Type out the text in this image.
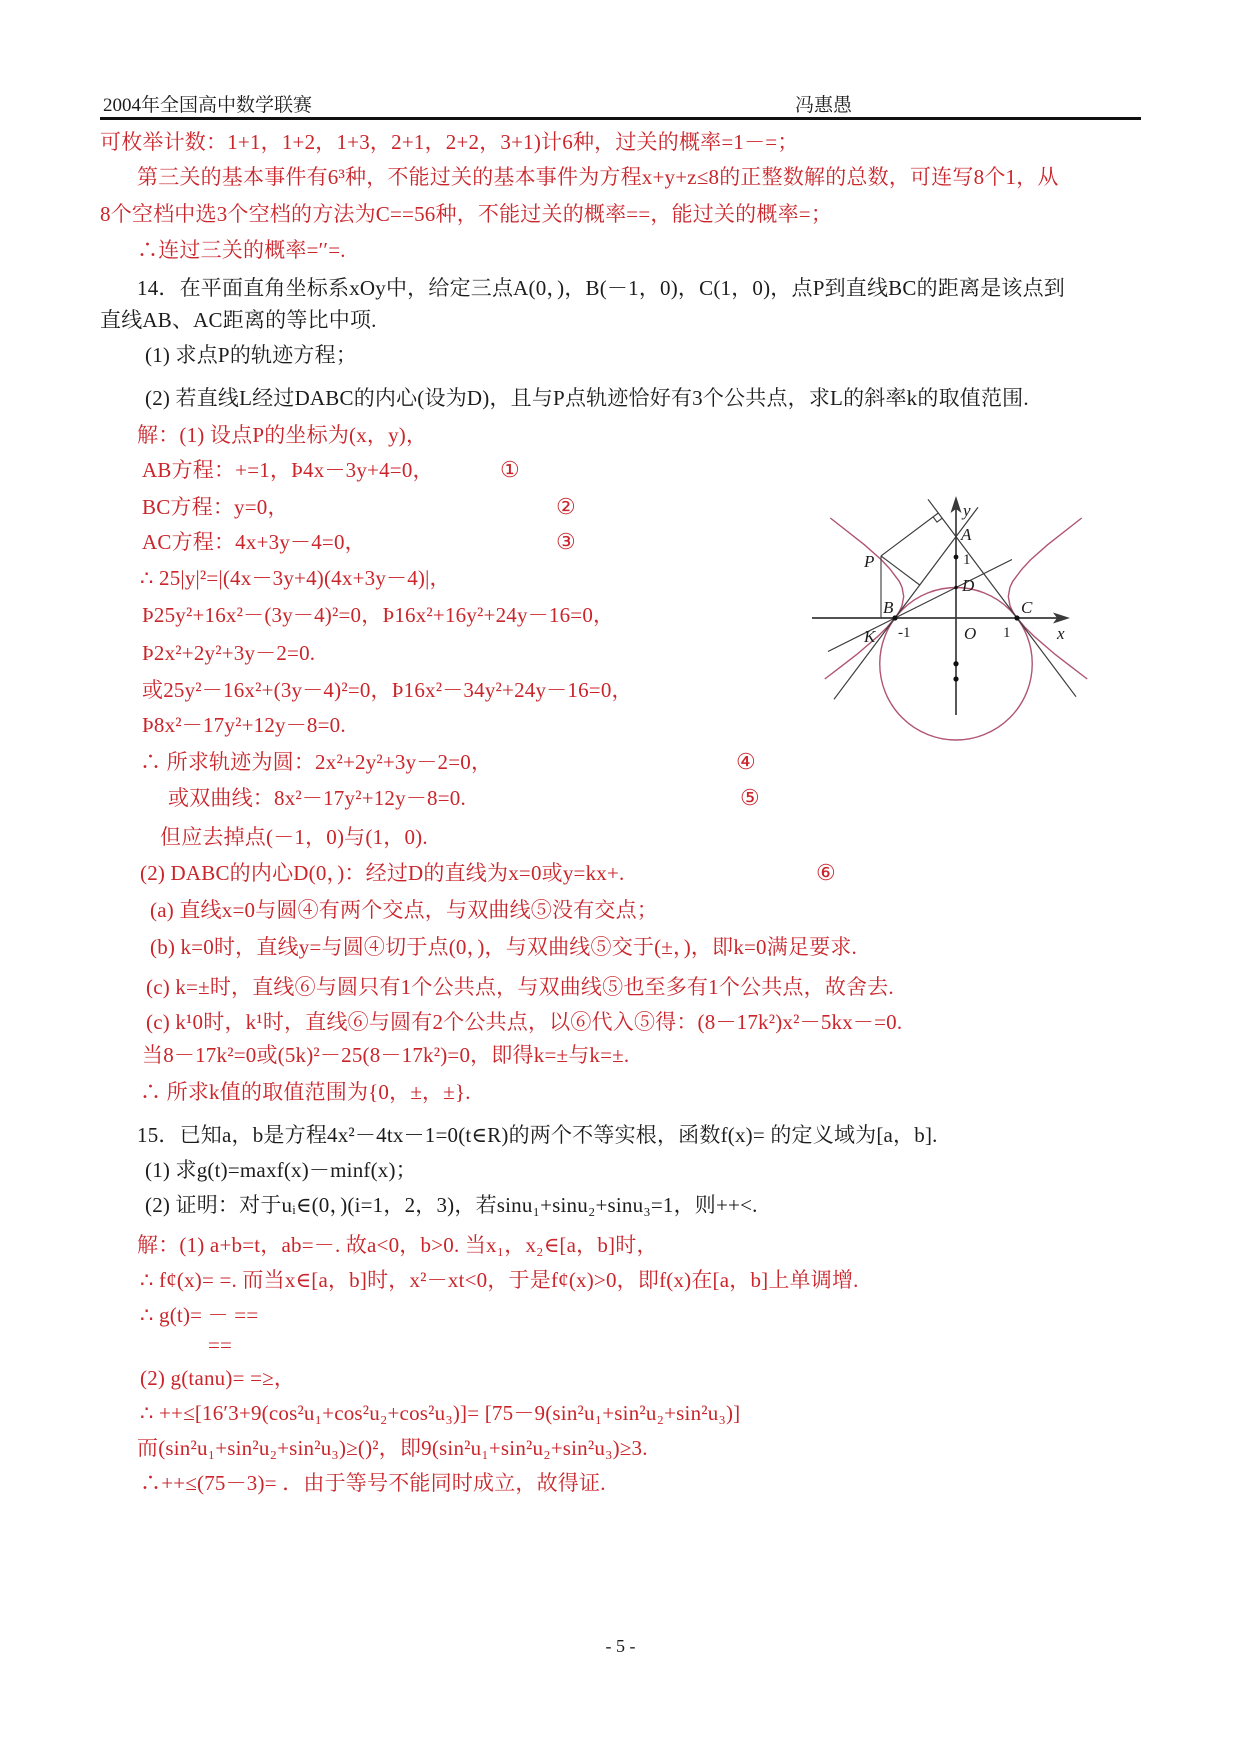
2004年全国高中数学联赛	冯惠愚
可枚举计数：1+1，1+2，1+3，2+1，2+2，3+1)计6种，过关的概率=1－=；
第三关的基本事件有6³种，不能过关的基本事件为方程x+y+z≤8的正整数解的总数，可连写8个1，从
8个空档中选3个空档的方法为C==56种，不能过关的概率==，能过关的概率=；
∴连过三关的概率=′′=.
14．在平面直角坐标系xOy中，给定三点A(0，)，B(－1，0)，C(1，0)，点P到直线BC的距离是该点到
直线AB、AC距离的等比中项.
(1) 求点P的轨迹方程；
(2) 若直线L经过DABC的内心(设为D)，且与P点轨迹恰好有3个公共点，求L的斜率k的取值范围.
解：(1) 设点P的坐标为(x，y)，
AB方程：+=1，Þ4x－3y+4=0，	①
BC方程：y=0，	②
AC方程：4x+3y－4=0，	③
∴ 25|y|²=|(4x－3y+4)(4x+3y－4)|，
Þ25y²+16x²－(3y－4)²=0，Þ16x²+16y²+24y－16=0，
Þ2x²+2y²+3y－2=0.
或25y²－16x²+(3y－4)²=0，Þ16x²－34y²+24y－16=0，
Þ8x²－17y²+12y－8=0.
∴ 所求轨迹为圆：2x²+2y²+3y－2=0，	④
或双曲线：8x²－17y²+12y－8=0.	⑤
但应去掉点(－1，0)与(1，0).
(2) DABC的内心D(0，)：经过D的直线为x=0或y=kx+.	⑥
(a) 直线x=0与圆④有两个交点，与双曲线⑤没有交点；
(b) k=0时，直线y=与圆④切于点(0，)，与双曲线⑤交于(±，)，即k=0满足要求.
(c) k=±时，直线⑥与圆只有1个公共点，与双曲线⑤也至多有1个公共点，故舍去.
(c) k¹0时，k¹时，直线⑥与圆有2个公共点，以⑥代入⑤得：(8－17k²)x²－5kx－=0.
当8－17k²=0或(5k)²－25(8－17k²)=0，即得k=±与k=±.
∴ 所求k值的取值范围为{0，±，±}.
15．已知a，b是方程4x²－4tx－1=0(t∈R)的两个不等实根，函数f(x)= 的定义域为[a，b].
(1) 求g(t)=maxf(x)－minf(x)；
(2) 证明：对于uᵢ∈(0，)(i=1，2，3)，若sinu₁+sinu₂+sinu₃=1，则++<.
解：(1) a+b=t，ab=－. 故a<0，b>0. 当x₁，x₂∈[a，b]时，
∴ f¢(x)= =. 而当x∈[a，b]时，x²－xt<0，于是f¢(x)>0，即f(x)在[a，b]上单调增.
∴ g(t)= － ==
==
(2) g(tanu)= =≥，
∴ ++≤[16′3+9(cos²u₁+cos²u₂+cos²u₃)]= [75－9(sin²u₁+sin²u₂+sin²u₃)]
而(sin²u₁+sin²u₂+sin²u₃)≥()²，即9(sin²u₁+sin²u₂+sin²u₃)≥3.
∴++≤(75－3)= ．由于等号不能同时成立，故得证.
y
x
O
A
D
B	C
P
K
1
-1	1
- 5 -
